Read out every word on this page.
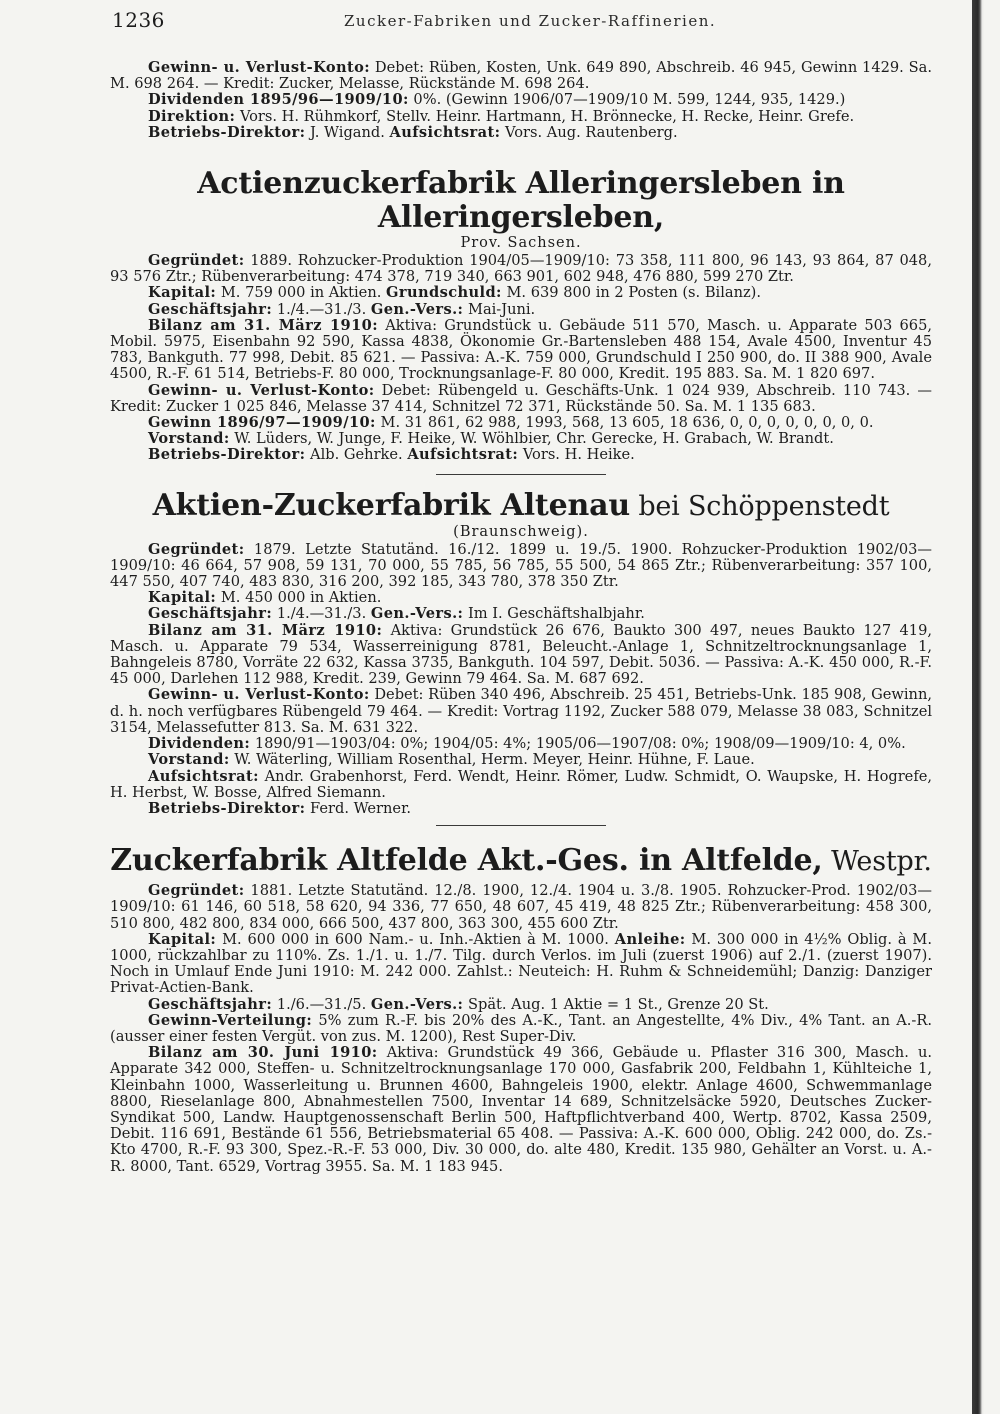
1236	Zucker-Fabriken und Zucker-Raffinerien.

Gewinn- u. Verlust-Konto: Debet: Rüben, Kosten, Unk. 649 890, Abschreib. 46 945, Gewinn 1429. Sa. M. 698 264. — Kredit: Zucker, Melasse, Rückstände M. 698 264.

Dividenden 1895/96—1909/10: 0%. (Gewinn 1906/07—1909/10 M. 599, 1244, 935, 1429.)

Direktion: Vors. H. Rühmkorf, Stellv. Heinr. Hartmann, H. Brönnecke, H. Recke, Heinr. Grefe.

Betriebs-Direktor: J. Wigand. Aufsichtsrat: Vors. Aug. Rautenberg.

Actienzuckerfabrik Alleringersleben in Alleringersleben,

Prov. Sachsen.

Gegründet: 1889. Rohzucker-Produktion 1904/05—1909/10: 73 358, 111 800, 96 143, 93 864, 87 048, 93 576 Ztr.; Rübenverarbeitung: 474 378, 719 340, 663 901, 602 948, 476 880, 599 270 Ztr.

Kapital: M. 759 000 in Aktien. Grundschuld: M. 639 800 in 2 Posten (s. Bilanz).

Geschäftsjahr: 1./4.—31./3. Gen.-Vers.: Mai-Juni.

Bilanz am 31. März 1910: Aktiva: Grundstück u. Gebäude 511 570, Masch. u. Apparate 503 665, Mobil. 5975, Eisenbahn 92 590, Kassa 4838, Ökonomie Gr.-Bartensleben 488 154, Avale 4500, Inventur 45 783, Bankguth. 77 998, Debit. 85 621. — Passiva: A.-K. 759 000, Grundschuld I 250 900, do. II 388 900, Avale 4500, R.-F. 61 514, Betriebs-F. 80 000, Trocknungsanlage-F. 80 000, Kredit. 195 883. Sa. M. 1 820 697.

Gewinn- u. Verlust-Konto: Debet: Rübengeld u. Geschäfts-Unk. 1 024 939, Abschreib. 110 743. — Kredit: Zucker 1 025 846, Melasse 37 414, Schnitzel 72 371, Rückstände 50. Sa. M. 1 135 683.

Gewinn 1896/97—1909/10: M. 31 861, 62 988, 1993, 568, 13 605, 18 636, 0, 0, 0, 0, 0, 0, 0, 0.

Vorstand: W. Lüders, W. Junge, F. Heike, W. Wöhlbier, Chr. Gerecke, H. Grabach, W. Brandt.

Betriebs-Direktor: Alb. Gehrke. Aufsichtsrat: Vors. H. Heike.

Aktien-Zuckerfabrik Altenau bei Schöppenstedt

(Braunschweig).

Gegründet: 1879. Letzte Statutänd. 16./12. 1899 u. 19./5. 1900. Rohzucker-Produktion 1902/03—1909/10: 46 664, 57 908, 59 131, 70 000, 55 785, 56 785, 55 500, 54 865 Ztr.; Rübenverarbeitung: 357 100, 447 550, 407 740, 483 830, 316 200, 392 185, 343 780, 378 350 Ztr.

Kapital: M. 450 000 in Aktien.

Geschäftsjahr: 1./4.—31./3. Gen.-Vers.: Im I. Geschäftshalbjahr.

Bilanz am 31. März 1910: Aktiva: Grundstück 26 676, Baukto 300 497, neues Baukto 127 419, Masch. u. Apparate 79 534, Wasserreinigung 8781, Beleucht.-Anlage 1, Schnitzeltrocknungsanlage 1, Bahngeleis 8780, Vorräte 22 632, Kassa 3735, Bankguth. 104 597, Debit. 5036. — Passiva: A.-K. 450 000, R.-F. 45 000, Darlehen 112 988, Kredit. 239, Gewinn 79 464. Sa. M. 687 692.

Gewinn- u. Verlust-Konto: Debet: Rüben 340 496, Abschreib. 25 451, Betriebs-Unk. 185 908, Gewinn, d. h. noch verfügbares Rübengeld 79 464. — Kredit: Vortrag 1192, Zucker 588 079, Melasse 38 083, Schnitzel 3154, Melassefutter 813. Sa. M. 631 322.

Dividenden: 1890/91—1903/04: 0%; 1904/05: 4%; 1905/06—1907/08: 0%; 1908/09—1909/10: 4, 0%.

Vorstand: W. Wäterling, William Rosenthal, Herm. Meyer, Heinr. Hühne, F. Laue.

Aufsichtsrat: Andr. Grabenhorst, Ferd. Wendt, Heinr. Römer, Ludw. Schmidt, O. Waupske, H. Hogrefe, H. Herbst, W. Bosse, Alfred Siemann.

Betriebs-Direktor: Ferd. Werner.

Zuckerfabrik Altfelde Akt.-Ges. in Altfelde, Westpr.

Gegründet: 1881. Letzte Statutänd. 12./8. 1900, 12./4. 1904 u. 3./8. 1905. Rohzucker-Prod. 1902/03—1909/10: 61 146, 60 518, 58 620, 94 336, 77 650, 48 607, 45 419, 48 825 Ztr.; Rübenverarbeitung: 458 300, 510 800, 482 800, 834 000, 666 500, 437 800, 363 300, 455 600 Ztr.

Kapital: M. 600 000 in 600 Nam.- u. Inh.-Aktien à M. 1000. Anleihe: M. 300 000 in 4½% Oblig. à M. 1000, rückzahlbar zu 110%. Zs. 1./1. u. 1./7. Tilg. durch Verlos. im Juli (zuerst 1906) auf 2./1. (zuerst 1907). Noch in Umlauf Ende Juni 1910: M. 242 000. Zahlst.: Neuteich: H. Ruhm & Schneidemühl; Danzig: Danziger Privat-Actien-Bank.

Geschäftsjahr: 1./6.—31./5. Gen.-Vers.: Spät. Aug. 1 Aktie = 1 St., Grenze 20 St.

Gewinn-Verteilung: 5% zum R.-F. bis 20% des A.-K., Tant. an Angestellte, 4% Div., 4% Tant. an A.-R. (ausser einer festen Vergüt. von zus. M. 1200), Rest Super-Div.

Bilanz am 30. Juni 1910: Aktiva: Grundstück 49 366, Gebäude u. Pflaster 316 300, Masch. u. Apparate 342 000, Steffen- u. Schnitzeltrocknungsanlage 170 000, Gasfabrik 200, Feldbahn 1, Kühlteiche 1, Kleinbahn 1000, Wasserleitung u. Brunnen 4600, Bahngeleis 1900, elektr. Anlage 4600, Schwemmanlage 8800, Rieselanlage 800, Abnahmestellen 7500, Inventar 14 689, Schnitzelsäcke 5920, Deutsches Zucker-Syndikat 500, Landw. Hauptgenossenschaft Berlin 500, Haftpflichtverband 400, Wertp. 8702, Kassa 2509, Debit. 116 691, Bestände 61 556, Betriebsmaterial 65 408. — Passiva: A.-K. 600 000, Oblig. 242 000, do. Zs.-Kto 4700, R.-F. 93 300, Spez.-R.-F. 53 000, Div. 30 000, do. alte 480, Kredit. 135 980, Gehälter an Vorst. u. A.-R. 8000, Tant. 6529, Vortrag 3955. Sa. M. 1 183 945.
